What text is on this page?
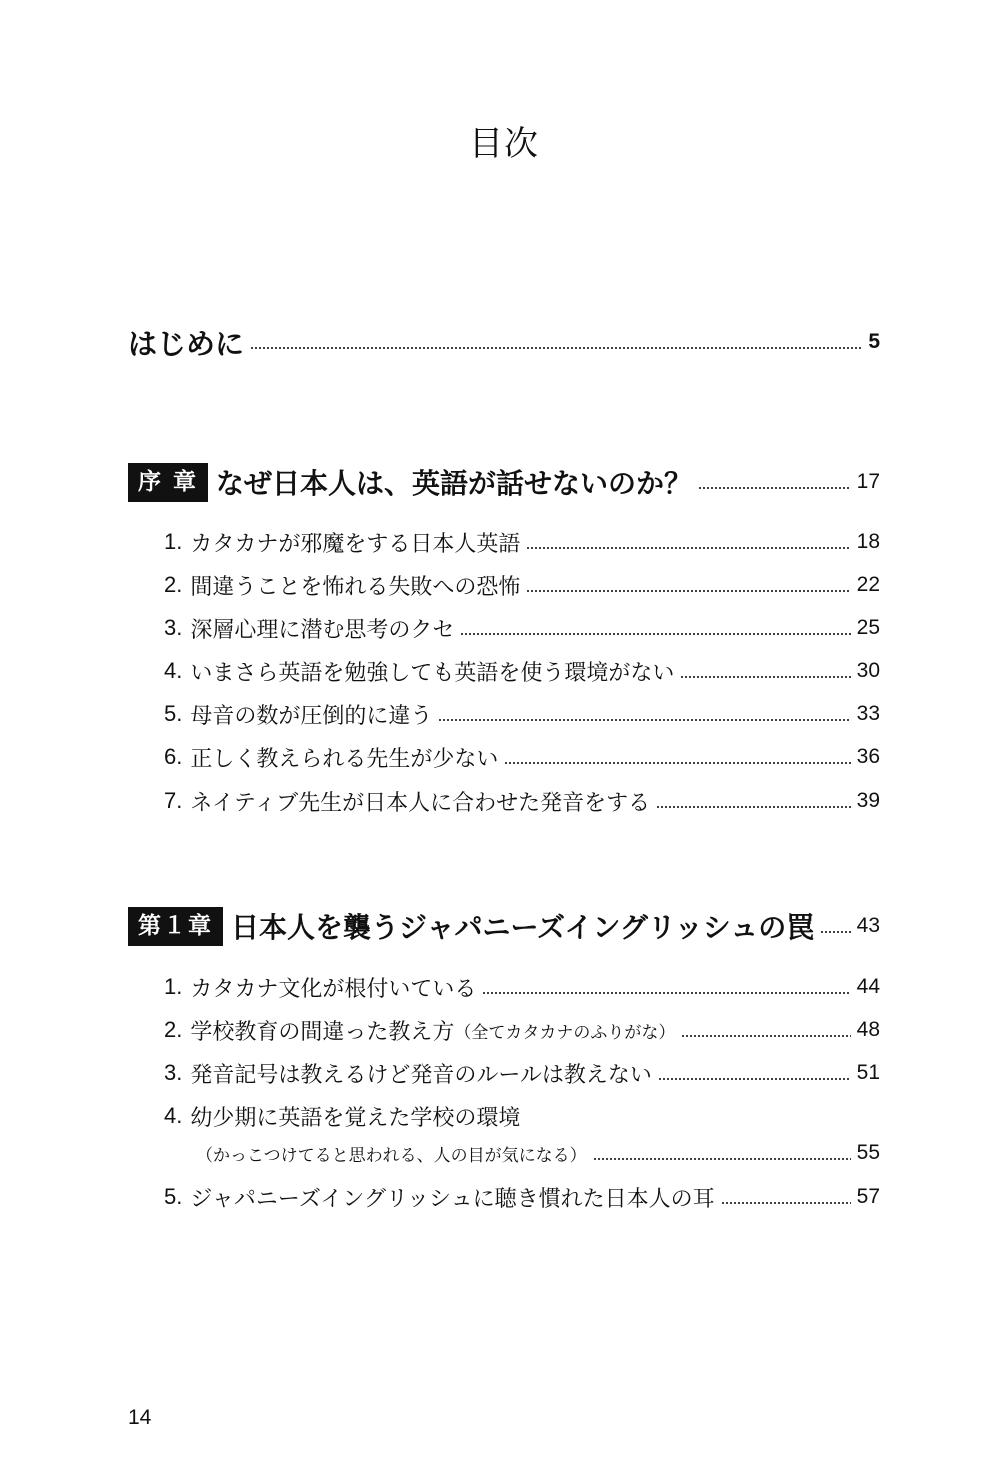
目次
はじめに	5
序 章 なぜ日本人は、英語が話せないのか？	17
1. カタカナが邪魔をする日本人英語	18
2. 間違うことを怖れる失敗への恐怖	22
3. 深層心理に潜む思考のクセ	25
4. いまさら英語を勉強しても英語を使う環境がない	30
5. 母音の数が圧倒的に違う	33
6. 正しく教えられる先生が少ない	36
7. ネイティブ先生が日本人に合わせた発音をする	39
第１章 日本人を襲うジャパニーズイングリッシュの罠 43
1. カタカナ文化が根付いている	44
2. 学校教育の間違った教え方 （全てカタカナのふりがな）	48
3. 発音記号は教えるけど発音のルールは教えない	51
4. 幼少期に英語を覚えた学校の環境
（かっこつけてると思われる、人の目が気になる）	55
5. ジャパニーズイングリッシュに聴き慣れた日本人の耳	57
14
